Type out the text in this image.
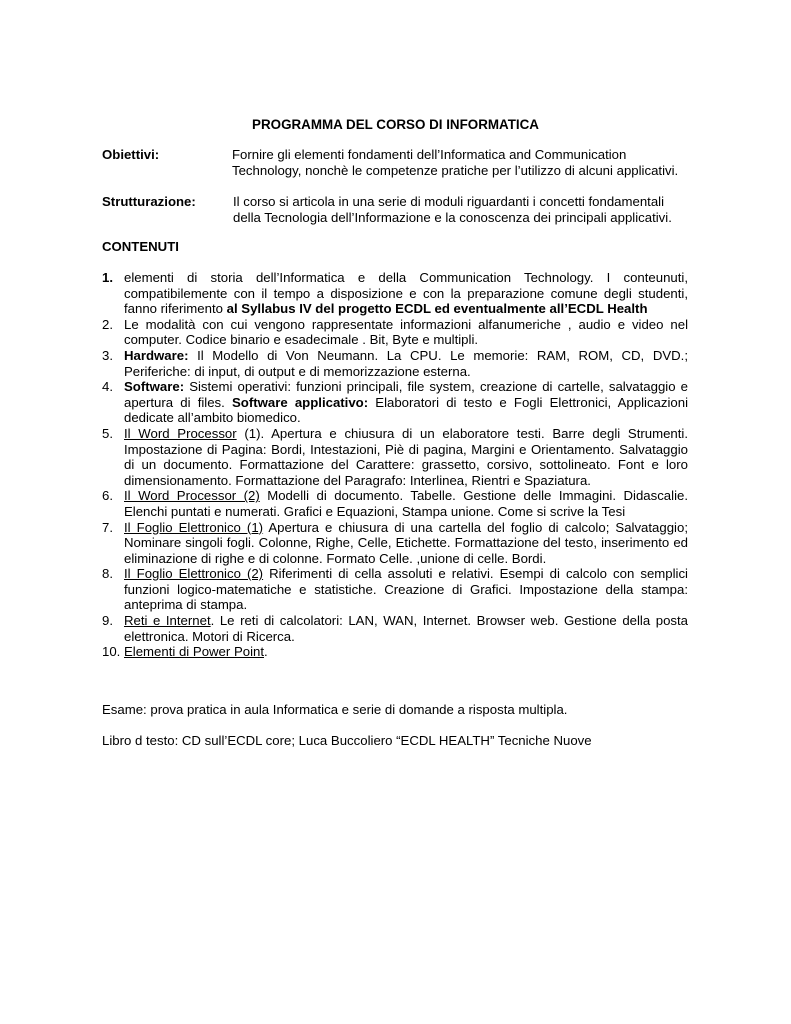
PROGRAMMA DEL CORSO DI INFORMATICA
Obiettivi:	Fornire gli elementi fondamenti dell’Informatica and Communication
Technology, nonchè le competenze pratiche per l’utilizzo di alcuni applicativi.
Strutturazione:	Il corso si articola in una serie di moduli riguardanti i concetti fondamentali
della Tecnologia dell’Informazione e la conoscenza dei principali applicativi.
CONTENUTI
1. elementi di storia dell’Informatica e della Communication Technology. I conteunuti, compatibilemente con il tempo a disposizione e con la preparazione comune degli studenti, fanno riferimento al Syllabus IV del progetto ECDL ed eventualmente all’ECDL Health
2. Le modalità con cui vengono rappresentate informazioni alfanumeriche , audio e video nel computer. Codice binario e esadecimale . Bit, Byte e multipli.
3. Hardware: Il Modello di Von Neumann. La CPU. Le memorie: RAM, ROM, CD, DVD.; Periferiche: di input, di output e di memorizzazione esterna.
4. Software: Sistemi operativi: funzioni principali, file system, creazione di cartelle, salvataggio e apertura di files. Software applicativo: Elaboratori di testo e Fogli Elettronici, Applicazioni dedicate all’ambito biomedico.
5. Il Word Processor (1). Apertura e chiusura di un elaboratore testi. Barre degli Strumenti. Impostazione di Pagina: Bordi, Intestazioni, Piè di pagina, Margini e Orientamento. Salvataggio di un documento. Formattazione del Carattere: grassetto, corsivo, sottolineato. Font e loro dimensionamento. Formattazione del Paragrafo: Interlinea, Rientri e Spaziatura.
6. Il Word Processor (2) Modelli di documento. Tabelle. Gestione delle Immagini. Didascalie. Elenchi puntati e numerati. Grafici e Equazioni, Stampa unione. Come si scrive la Tesi
7. Il Foglio Elettronico (1) Apertura e chiusura di una cartella del foglio di calcolo; Salvataggio; Nominare singoli fogli. Colonne, Righe, Celle, Etichette. Formattazione del testo, inserimento ed eliminazione di righe e di colonne. Formato Celle. ,unione di celle. Bordi.
8. Il Foglio Elettronico (2) Riferimenti di cella assoluti e relativi. Esempi di calcolo con semplici funzioni logico-matematiche e statistiche. Creazione di Grafici. Impostazione della stampa: anteprima di stampa.
9. Reti e Internet. Le reti di calcolatori: LAN, WAN, Internet. Browser web. Gestione della posta elettronica. Motori di Ricerca.
10. Elementi di Power Point.
Esame: prova pratica in aula Informatica e serie di domande a risposta multipla.
Libro d testo: CD sull’ECDL core; Luca Buccoliero “ECDL HEALTH” Tecniche Nuove
